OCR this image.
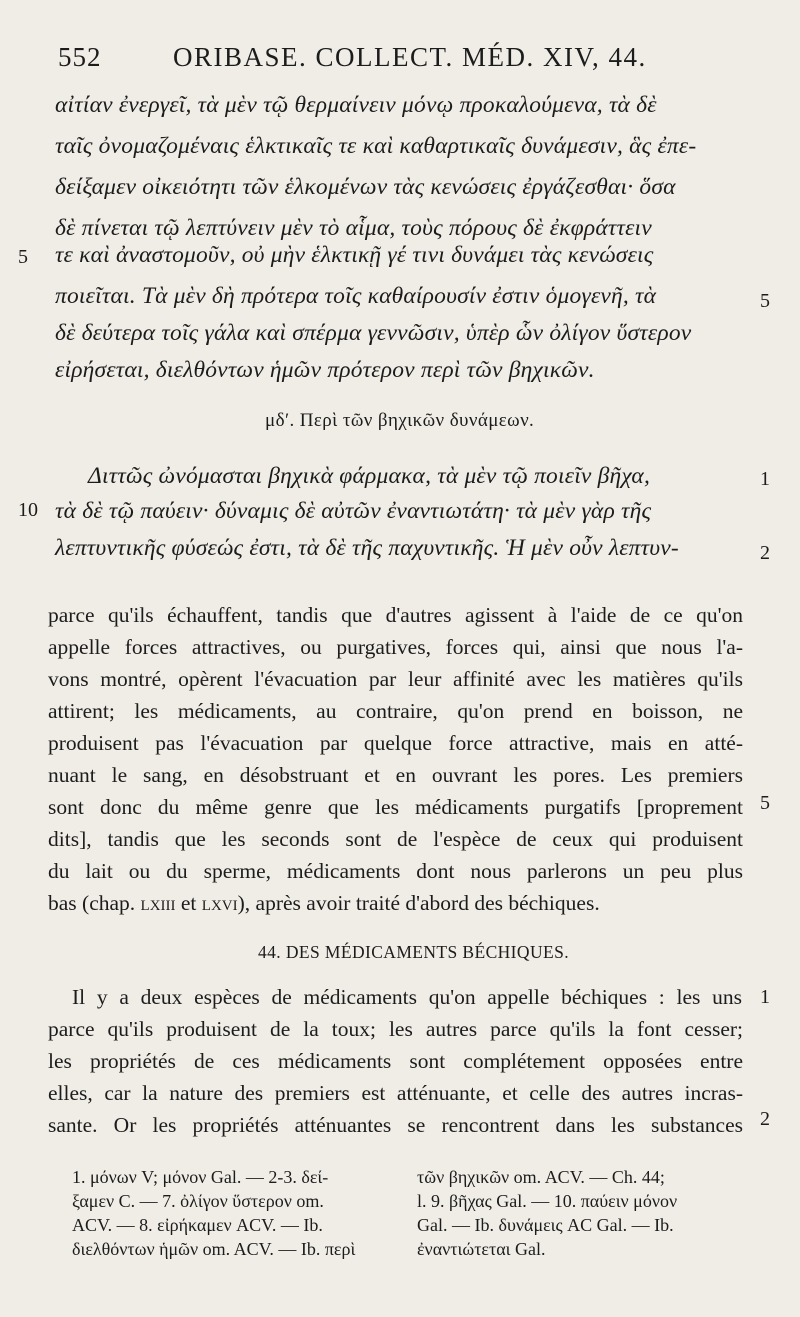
552	ORIBASE. COLLECT. MÉD. XIV, 44.
αἰτίαν ἐνεργεῖ, τὰ μὲν τῷ θερμαίνειν μόνῳ προκαλούμενα, τὰ δὲ
ταῖς ὀνομαζομέναις ἑλκτικαῖς τε καὶ καθαρτικαῖς δυνάμεσιν, ἃς ἐπε-
δείξαμεν οἰκειότητι τῶν ἑλκομένων τὰς κενώσεις ἐργάζεσθαι· ὅσα
δὲ πίνεται τῷ λεπτύνειν μὲν τὸ αἷμα, τοὺς πόρους δὲ ἐκφράττειν
τε καὶ ἀναστομοῦν, οὐ μὴν ἑλκτικῇ γέ τινι δυνάμει τὰς κενώσεις
ποιεῖται. Τὰ μὲν δὴ πρότερα τοῖς καθαίρουσίν ἐστιν ὁμογενῆ, τὰ
δὲ δεύτερα τοῖς γάλα καὶ σπέρμα γεννῶσιν, ὑπὲρ ὧν ὀλίγον ὕστερον
εἰρήσεται, διελθόντων ἡμῶν πρότερον περὶ τῶν βηχικῶν.
μδʹ. Περὶ τῶν βηχικῶν δυνάμεων.
Διττῶς ὠνόμασται βηχικὰ φάρμακα, τὰ μὲν τῷ ποιεῖν βῆχα,
τὰ δὲ τῷ παύειν· δύναμις δὲ αὐτῶν ἐναντιωτάτη· τὰ μὲν γὰρ τῆς
λεπτυντικῆς φύσεώς ἐστι, τὰ δὲ τῆς παχυντικῆς. Ἡ μὲν οὖν λεπτυν-
5
10
5
1
2
parce qu'ils échauffent, tandis que d'autres agissent à l'aide de ce qu'on
appelle forces attractives, ou purgatives, forces qui, ainsi que nous l'a-
vons montré, opèrent l'évacuation par leur affinité avec les matières qu'ils
attirent; les médicaments, au contraire, qu'on prend en boisson, ne
produisent pas l'évacuation par quelque force attractive, mais en atté-
nuant le sang, en désobstruant et en ouvrant les pores. Les premiers
sont donc du même genre que les médicaments purgatifs [proprement
dits], tandis que les seconds sont de l'espèce de ceux qui produisent
du lait ou du sperme, médicaments dont nous parlerons un peu plus
bas (chap. lxiii et lxvi), après avoir traité d'abord des béchiques.
44. DES MÉDICAMENTS BÉCHIQUES.
Il y a deux espèces de médicaments qu'on appelle béchiques : les uns
parce qu'ils produisent de la toux; les autres parce qu'ils la font cesser;
les propriétés de ces médicaments sont complétement opposées entre
elles, car la nature des premiers est atténuante, et celle des autres incras-
sante. Or les propriétés atténuantes se rencontrent dans les substances
5
1
2
1. μόνων V; μόνον Gal. — 2-3. δεί-
ξαμεν C. — 7. ὀλίγον ὕστερον om.
ACV. — 8. εἰρήκαμεν ACV. — Ib.
διελθόντων ἡμῶν om. ACV. — Ib. περὶ
τῶν βηχικῶν om. ACV. — Ch. 44;
l. 9. βῆχας Gal. — 10. παύειν μόνον
Gal. — Ib. δυνάμεις AC Gal. — Ib.
ἐναντιώτεται Gal.
